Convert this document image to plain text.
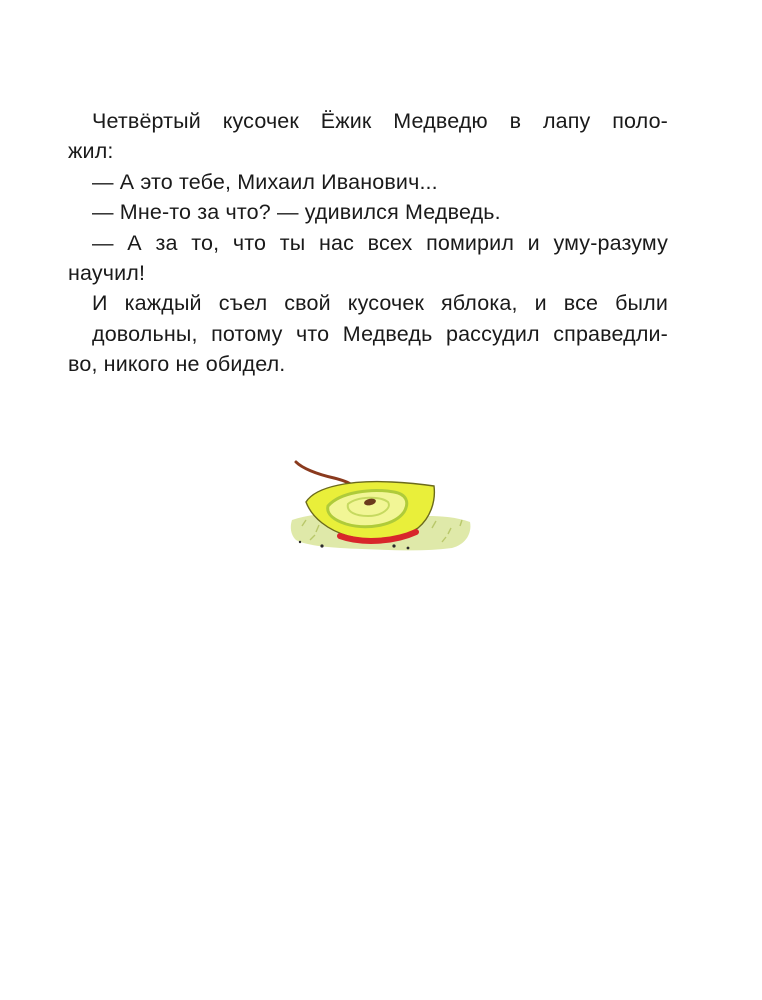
Четвёртый кусочек Ёжик Медведю в лапу поло-
жил:

— А это тебе, Михаил Иванович...

— Мне-то за что? — удивился Медведь.

— А за то, что ты нас всех помирил и уму-разуму
научил!

И каждый съел свой кусочек яблока, и все были
довольны, потому что Медведь рассудил справедли-
во, никого не обидел.
